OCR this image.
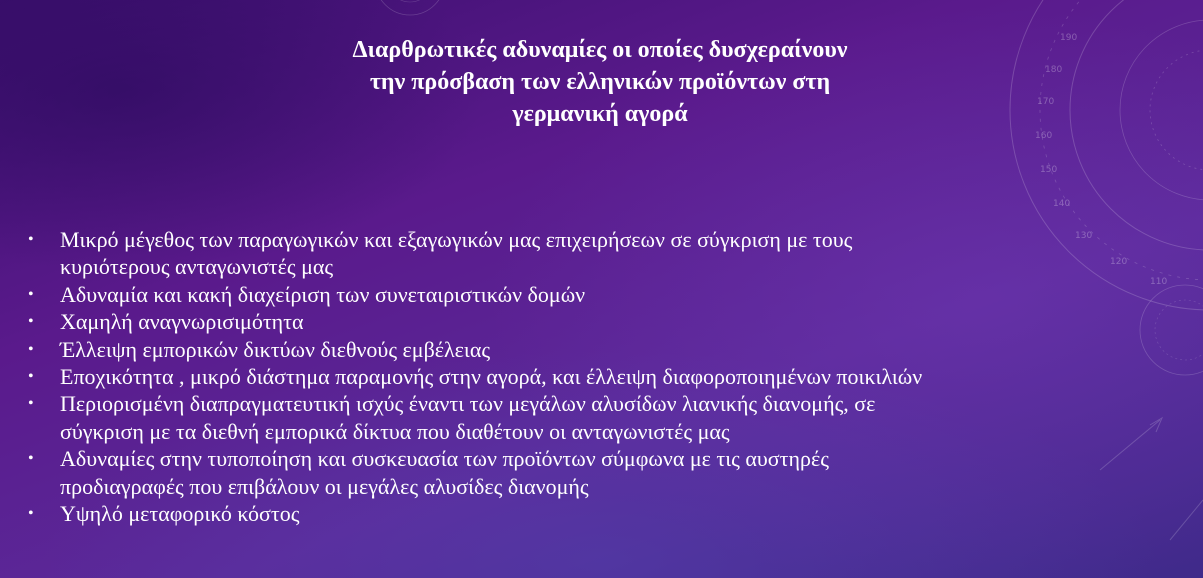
190
180
170
160
150
140
130
120
110
Διαρθρωτικές αδυναμίες οι οποίες δυσχεραίνουν
την πρόσβαση των ελληνικών προϊόντων στη
γερμανική αγορά
• Μικρό μέγεθος των παραγωγικών και εξαγωγικών μας επιχειρήσεων σε σύγκριση με τους
κυριότερους ανταγωνιστές μας
• Αδυναμία και κακή διαχείριση των συνεταιριστικών δομών
• Χαμηλή αναγνωρισιμότητα
• Έλλειψη εμπορικών δικτύων διεθνούς εμβέλειας
• Εποχικότητα , μικρό διάστημα παραμονής στην αγορά, και έλλειψη διαφοροποιημένων ποικιλιών
• Περιορισμένη διαπραγματευτική ισχύς έναντι των μεγάλων αλυσίδων λιανικής διανομής, σε
σύγκριση με τα διεθνή εμπορικά δίκτυα που διαθέτουν οι ανταγωνιστές μας
• Αδυναμίες στην τυποποίηση και συσκευασία των προϊόντων σύμφωνα με τις αυστηρές
προδιαγραφές που επιβάλουν οι μεγάλες αλυσίδες διανομής
• Υψηλό μεταφορικό κόστος
